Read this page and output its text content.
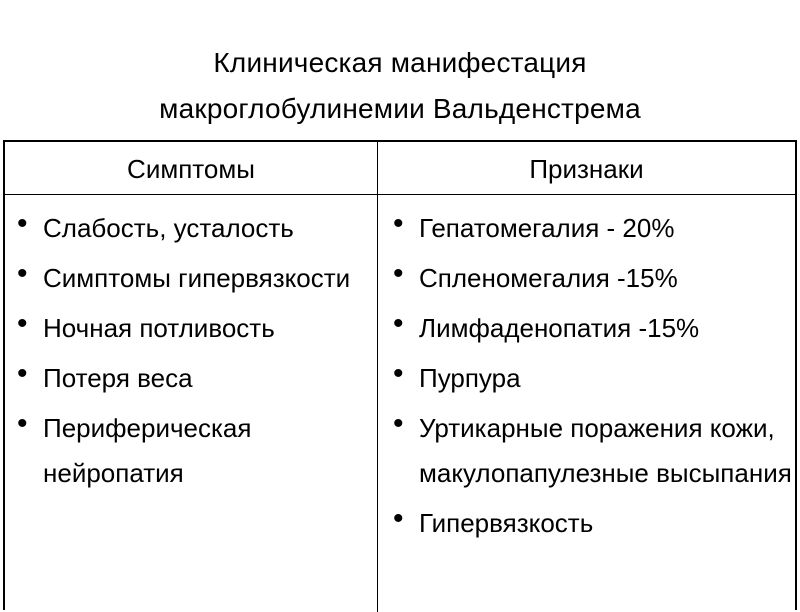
Клиническая манифестация
макроглобулинемии Вальденстрема
Симптомы	Признаки
• Слабость, усталость
• Симптомы гипервязкости
• Ночная потливость
• Потеря веса
• Периферическая нейропатия
• Гепатомегалия - 20%
• Спленомегалия -15%
• Лимфаденопатия -15%
• Пурпура
• Уртикарные поражения кожи, макулопапулезные высыпания
• Гипервязкость
